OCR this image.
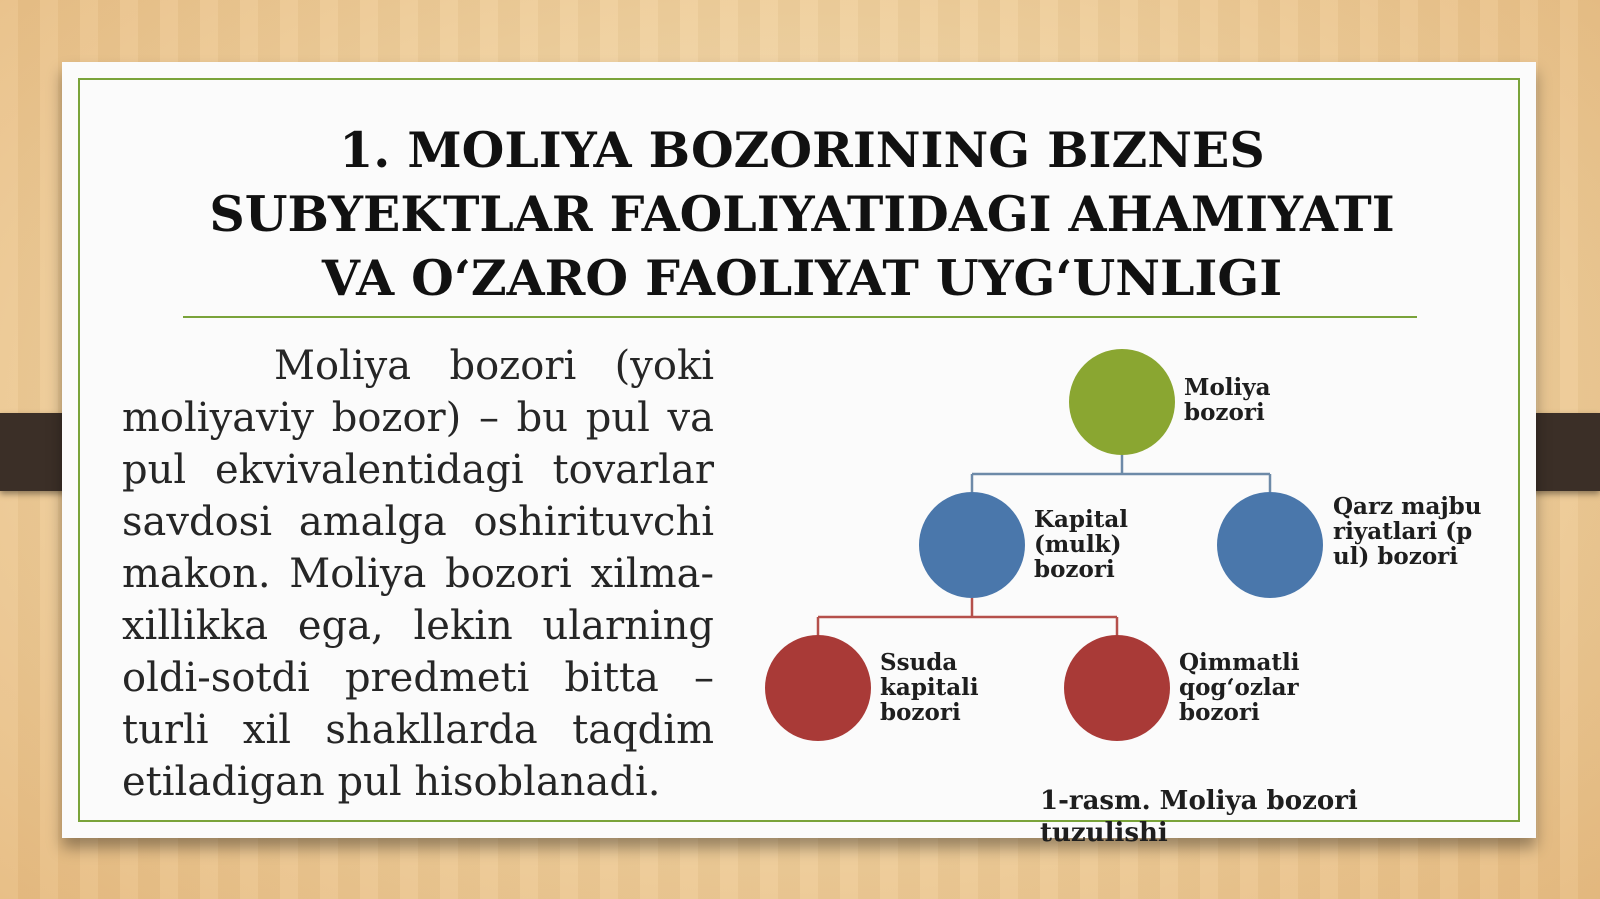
1. MOLIYA BOZORINING BIZNES SUBYEKTLAR FAOLIYATIDAGI AHAMIYATI VA O‘ZARO FAOLIYAT UYG‘UNLIGI
Moliya bozori (yoki moliyaviy bozor) – bu pul va pul ekvivalentidagi tovarlar savdosi amalga oshirituvchi makon. Moliya bozori xilma-xillikka ega, lekin ularning oldi-sotdi predmeti bitta – turli xil shakllarda taqdim etiladigan pul hisoblanadi.
Moliya bozori
Kapital (mulk) bozori
Qarz majburiyatlari (pul) bozori
Ssuda kapitali bozori
Qimmatli qog‘ozlar bozori
1-rasm. Moliya bozori tuzulishi
